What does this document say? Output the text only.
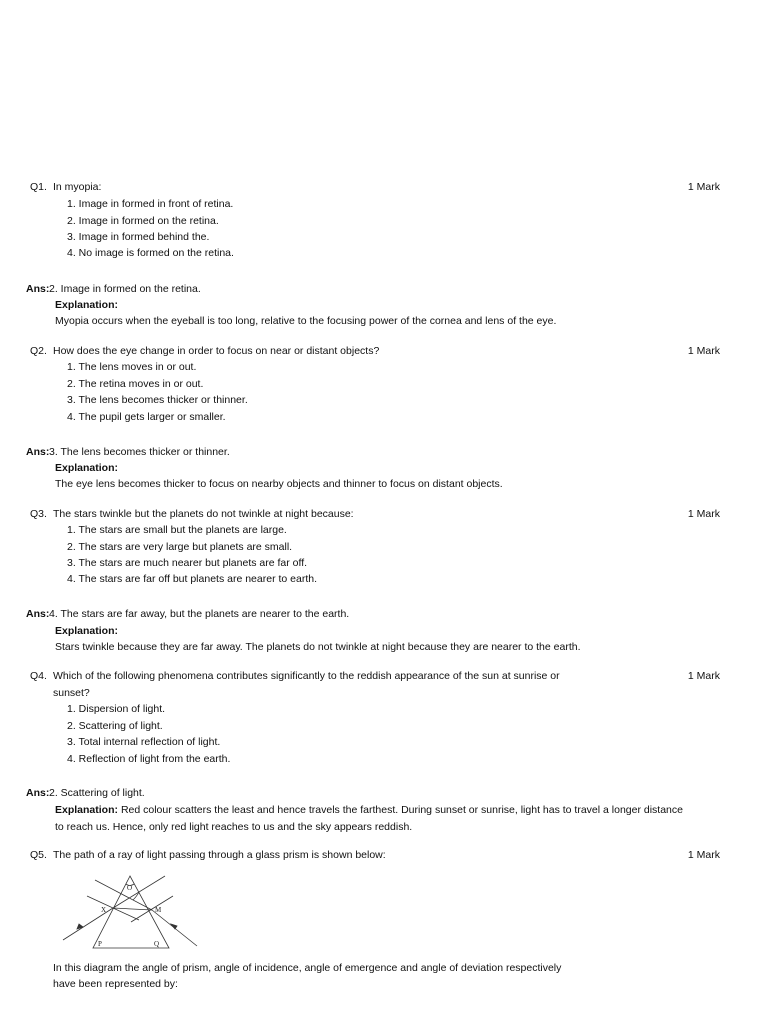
Q1. In myopia:	1 Mark
1. Image in formed in front of retina.
2. Image in formed on the retina.
3. Image in formed behind the.
4. No image is formed on the retina.
Ans: 2. Image in formed on the retina.
Explanation:
Myopia occurs when the eyeball is too long, relative to the focusing power of the cornea and lens of the eye.
Q2. How does the eye change in order to focus on near or distant objects?	1 Mark
1. The lens moves in or out.
2. The retina moves in or out.
3. The lens becomes thicker or thinner.
4. The pupil gets larger or smaller.
Ans: 3. The lens becomes thicker or thinner.
Explanation:
The eye lens becomes thicker to focus on nearby objects and thinner to focus on distant objects.
Q3. The stars twinkle but the planets do not twinkle at night because:	1 Mark
1. The stars are small but the planets are large.
2. The stars are very large but planets are small.
3. The stars are much nearer but planets are far off.
4. The stars are far off but planets are nearer to earth.
Ans: 4. The stars are far away, but the planets are nearer to the earth.
Explanation:
Stars twinkle because they are far away. The planets do not twinkle at night because they are nearer to the earth.
Q4. Which of the following phenomena contributes significantly to the reddish appearance of the sun at sunrise or
sunset?
1 Mark
1. Dispersion of light.
2. Scattering of light.
3. Total internal reflection of light.
4. Reflection of light from the earth.
Ans: 2. Scattering of light.
Explanation: Red colour scatters the least and hence travels the farthest. During sunset or sunrise, light has to travel a longer distance
to reach us. Hence, only red light reaches to us and the sky appears reddish.
Q5. The path of a ray of light passing through a glass prism is shown below:	1 Mark
O
X	M
P	Q
In this diagram the angle of prism, angle of incidence, angle of emergence and angle of deviation respectively
have been represented by:
